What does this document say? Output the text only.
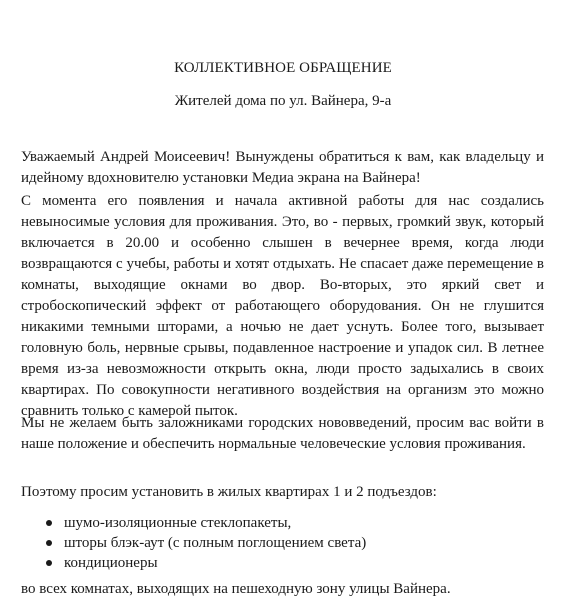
КОЛЛЕКТИВНОЕ ОБРАЩЕНИЕ
Жителей дома по ул. Вайнера, 9-а

Уважаемый Андрей Моисеевич! Вынуждены обратиться к вам, как владельцу и идейному вдохновителю установки Медиа экрана на Вайнера!

С момента его появления и начала активной работы для нас создались невыносимые условия для проживания. Это, во - первых, громкий звук, который включается в 20.00 и особенно слышен в вечернее время, когда люди возвращаются с учебы, работы и хотят отдыхать. Не спасает даже перемещение в комнаты, выходящие окнами во двор. Во-вторых, это яркий свет и стробоскопический эффект от работающего оборудования. Он не глушится никакими темными шторами, а ночью не дает уснуть. Более того, вызывает головную боль, нервные срывы, подавленное настроение и упадок сил. В летнее время из-за невозможности открыть окна, люди просто задыхались в своих квартирах. По совокупности негативного воздействия на организм это можно сравнить только с камерой пыток.

Мы не желаем быть заложниками городских нововведений, просим вас войти в наше положение и обеспечить нормальные человеческие условия проживания.

Поэтому просим установить в жилых квартирах 1 и 2 подъездов:

шумо-изоляционные стеклопакеты,
шторы блэк-аут (с полным поглощением света)
кондиционеры

во всех комнатах, выходящих на пешеходную зону улицы Вайнера.
